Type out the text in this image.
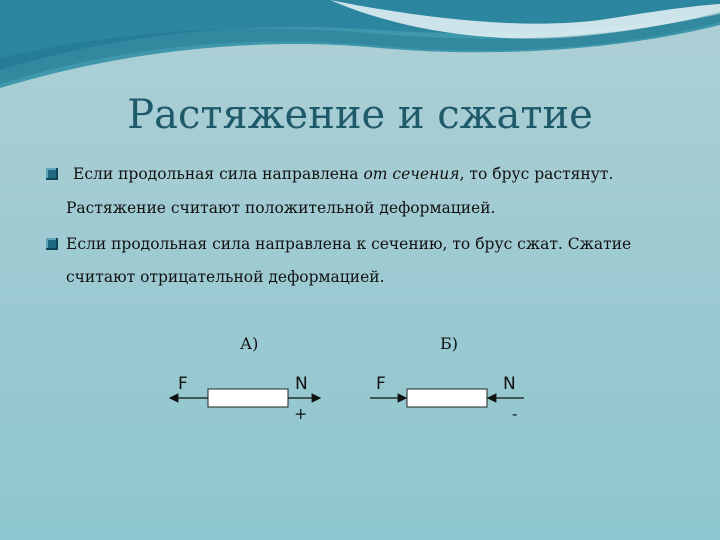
Растяжение и сжатие
Если продольная сила направлена от сечения, то брус растянут.
Растяжение считают положительной деформацией.
Если продольная сила направлена к сечению, то брус сжат. Сжатие
считают отрицательной деформацией.
А)	Б)
F	N
+
F	N
-
